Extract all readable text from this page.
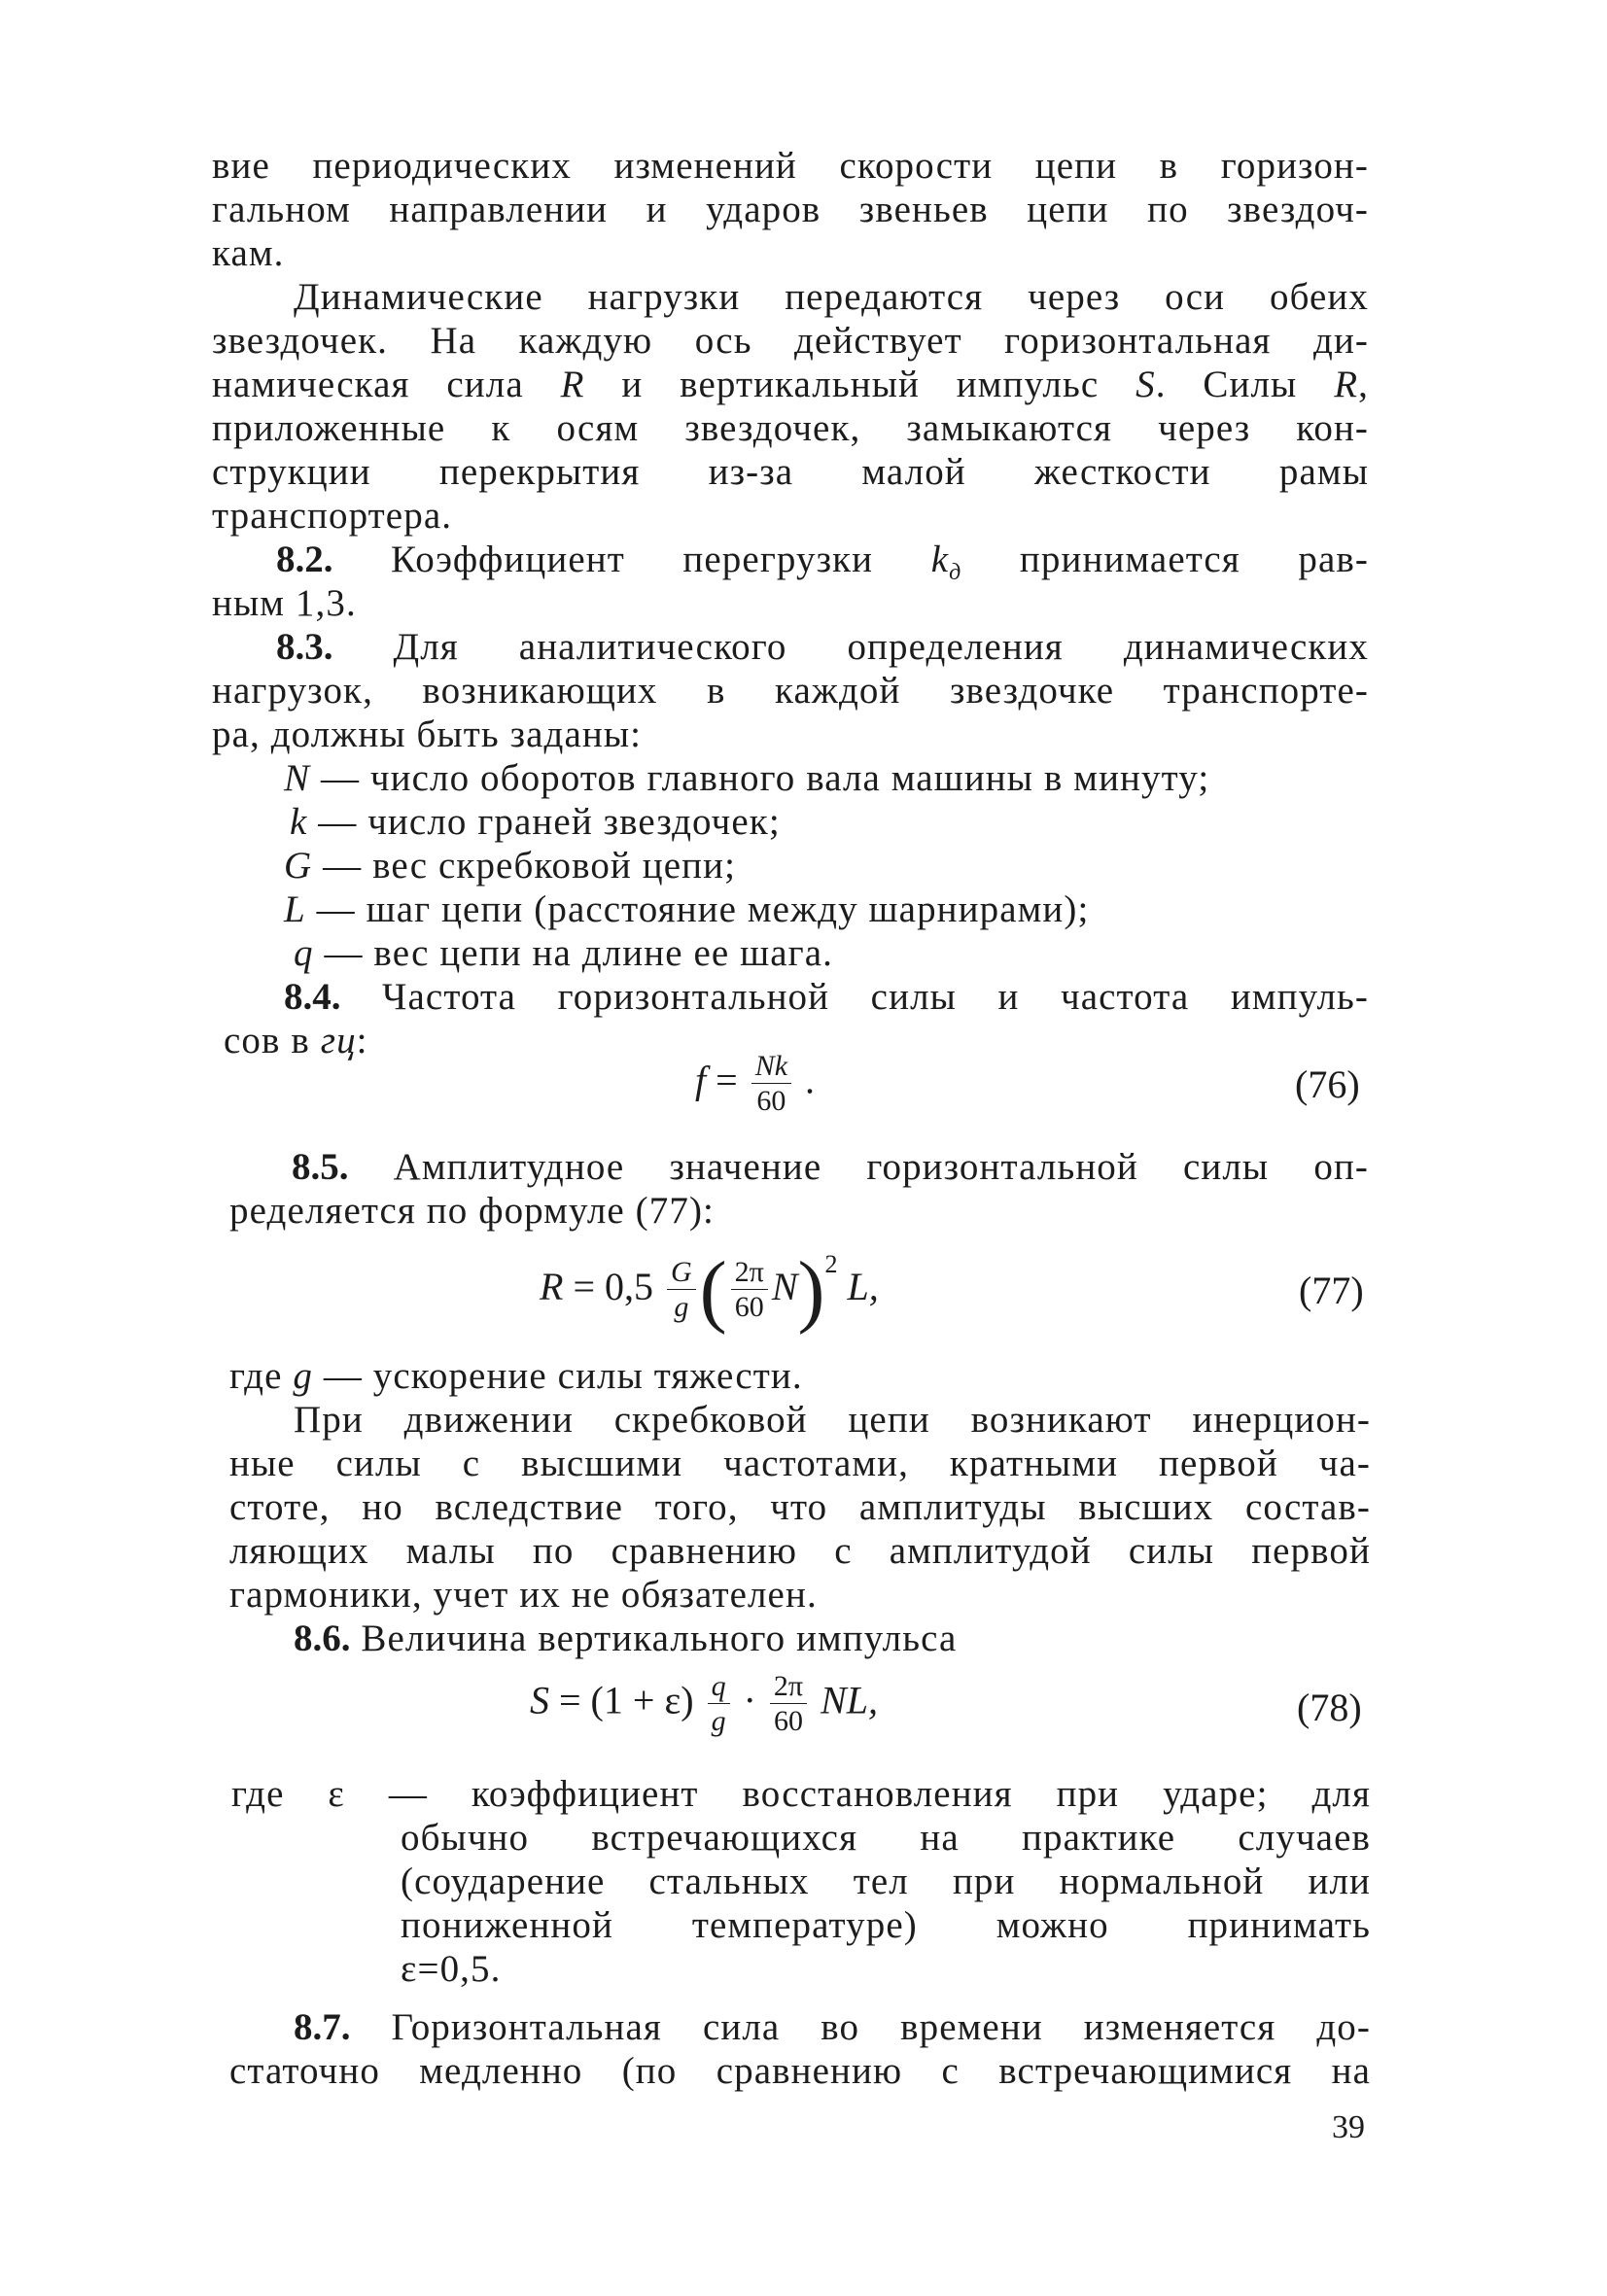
вие периодических изменений скорости цепи в горизон-
гальном направлении и ударов звеньев цепи по звездоч-
кам.
Динамические нагрузки передаются через оси обеих
звездочек. На каждую ось действует горизонтальная ди-
намическая сила R и вертикальный импульс S. Силы R,
приложенные к осям звездочек, замыкаются через кон-
струкции перекрытия из-за малой жесткости рамы
транспортера.
8.2. Коэффициент перегрузки $k_д$ принимается рав-
ным 1,3.
8.3. Для аналитического определения динамических
нагрузок, возникающих в каждой звездочке транспорте-
ра, должны быть заданы:
N — число оборотов главного вала машины в минуту;
k — число граней звездочек;
G — вес скребковой цепи;
L — шаг цепи (расстояние между шарнирами);
q — вес цепи на длине ее шага.
8.4. Частота горизонтальной силы и частота импуль-
сов в гц:
$f = \frac{Nk}{60}$ .	(76)
8.5. Амплитудное значение горизонтальной силы оп-
ределяется по формуле (77):
$R = 0,5 \frac{G}{g}$ ( $\frac{2\pi}{60} N)^2$ L,	(77)
где g — ускорение силы тяжести.
При движении скребковой цепи возникают инерцион-
ные силы с высшими частотами, кратными первой ча-
стоте, но вследствие того, что амплитуды высших состав-
ляющих малы по сравнению с амплитудой силы первой
гармоники, учет их не обязателен.
8.6. Величина вертикального импульса
$S = (1 + \varepsilon) \frac{q}{g} \cdot \frac{2\pi}{60}$ NL,	(78)
где ε — коэффициент восстановления при ударе; для
обычно встречающихся на практике случаев
(соударение стальных тел при нормальной или
пониженной температуре) можно принимать
ε=0,5.
8.7. Горизонтальная сила во времени изменяется до-
статочно медленно (по сравнению с встречающимися на
39
